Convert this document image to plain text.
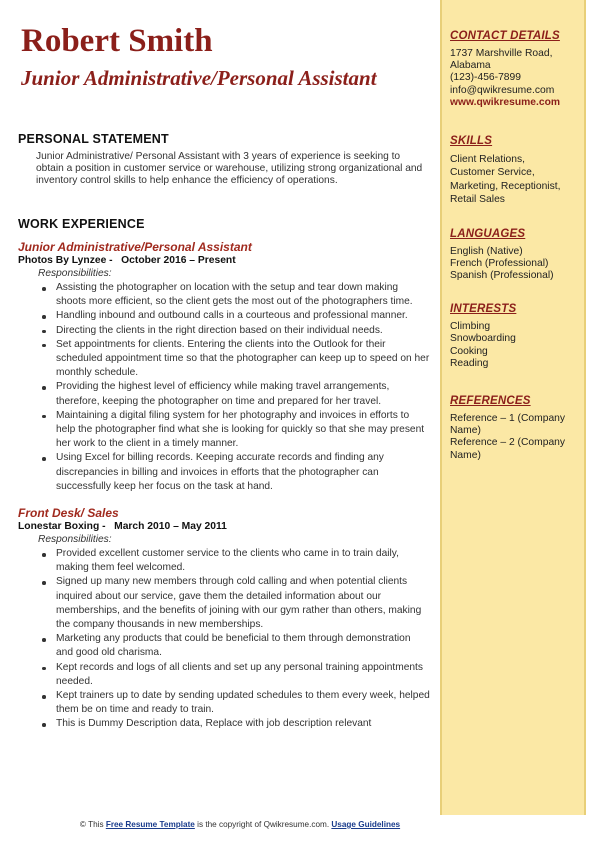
Robert Smith
Junior Administrative/Personal Assistant
PERSONAL STATEMENT
Junior Administrative/ Personal Assistant with 3 years of experience is seeking to obtain a position in customer service or warehouse, utilizing strong organizational and inventory control skills to help enhance the efficiency of operations.
WORK EXPERIENCE
Junior Administrative/Personal Assistant
Photos By Lynzee -   October 2016 – Present
Responsibilities:
Assisting the photographer on location with the setup and tear down making shoots more efficient, so the client gets the most out of the photographers time.
Handling inbound and outbound calls in a courteous and professional manner.
Directing the clients in the right direction based on their individual needs.
Set appointments for clients. Entering the clients into the Outlook for their scheduled appointment time so that the photographer can keep up to speed on her monthly schedule.
Providing the highest level of efficiency while making travel arrangements, therefore, keeping the photographer on time and prepared for her travel.
Maintaining a digital filing system for her photography and invoices in efforts to help the photographer find what she is looking for quickly so that she may present her work to the client in a timely manner.
Using Excel for billing records. Keeping accurate records and finding any discrepancies in billing and invoices in efforts that the photographer can successfully keep her focus on the task at hand.
Front Desk/ Sales
Lonestar Boxing -   March 2010 – May 2011
Responsibilities:
Provided excellent customer service to the clients who came in to train daily, making them feel welcomed.
Signed up many new members through cold calling and when potential clients inquired about our service, gave them the detailed information about our memberships, and the benefits of joining with our gym rather than others, making the company thousands in new memberships.
Marketing any products that could be beneficial to them through demonstration and good old charisma.
Kept records and logs of all clients and set up any personal training appointments needed.
Kept trainers up to date by sending updated schedules to them every week, helped them be on time and ready to train.
This is Dummy Description data, Replace with job description relevant
CONTACT DETAILS
1737 Marshville Road,
Alabama
(123)-456-7899
info@qwikresume.com
www.qwikresume.com
SKILLS
Client Relations,
Customer Service,
Marketing, Receptionist,
Retail Sales
LANGUAGES
English (Native)
French (Professional)
Spanish (Professional)
INTERESTS
Climbing
Snowboarding
Cooking
Reading
REFERENCES
Reference – 1 (Company Name)
Reference – 2 (Company Name)
© This Free Resume Template is the copyright of Qwikresume.com. Usage Guidelines
